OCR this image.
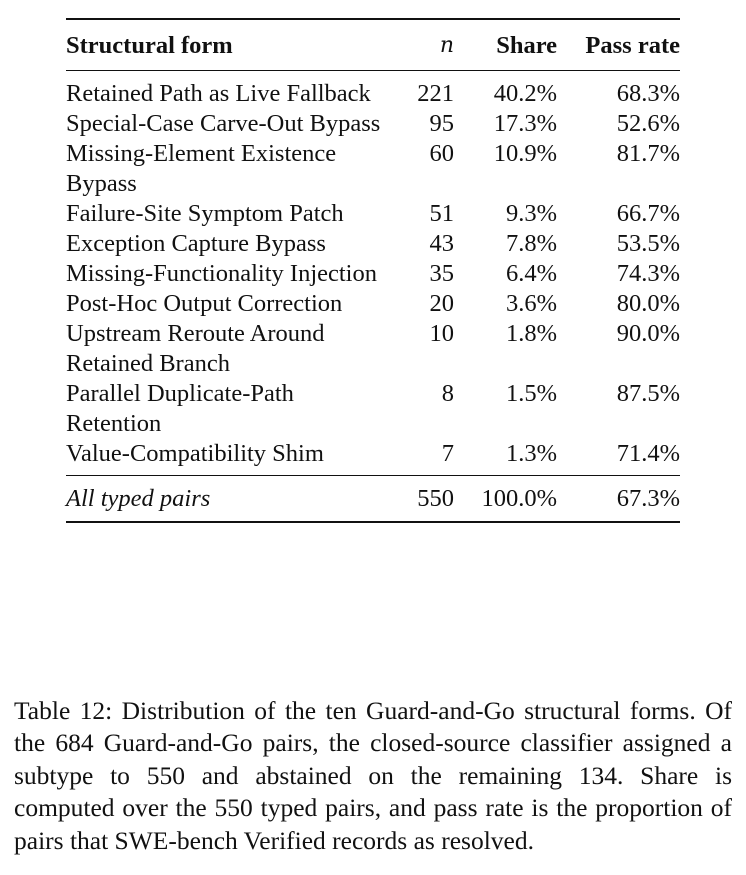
Structural form	n	Share	Pass rate
Retained Path as Live Fallback	221	40.2%	68.3%
Special-Case Carve-Out Bypass	95	17.3%	52.6%
Missing-Element Existence Bypass	60	10.9%	81.7%
Failure-Site Symptom Patch	51	9.3%	66.7%
Exception Capture Bypass	43	7.8%	53.5%
Missing-Functionality Injection	35	6.4%	74.3%
Post-Hoc Output Correction	20	3.6%	80.0%
Upstream Reroute Around Retained Branch	10	1.8%	90.0%
Parallel Duplicate-Path Retention	8	1.5%	87.5%
Value-Compatibility Shim	7	1.3%	71.4%
All typed pairs	550	100.0%	67.3%

Table 12: Distribution of the ten Guard-and-Go structural forms. Of the 684 Guard-and-Go pairs, the closed-source classifier assigned a subtype to 550 and abstained on the remaining 134. Share is computed over the 550 typed pairs, and pass rate is the proportion of pairs that SWE-bench Verified records as resolved.
